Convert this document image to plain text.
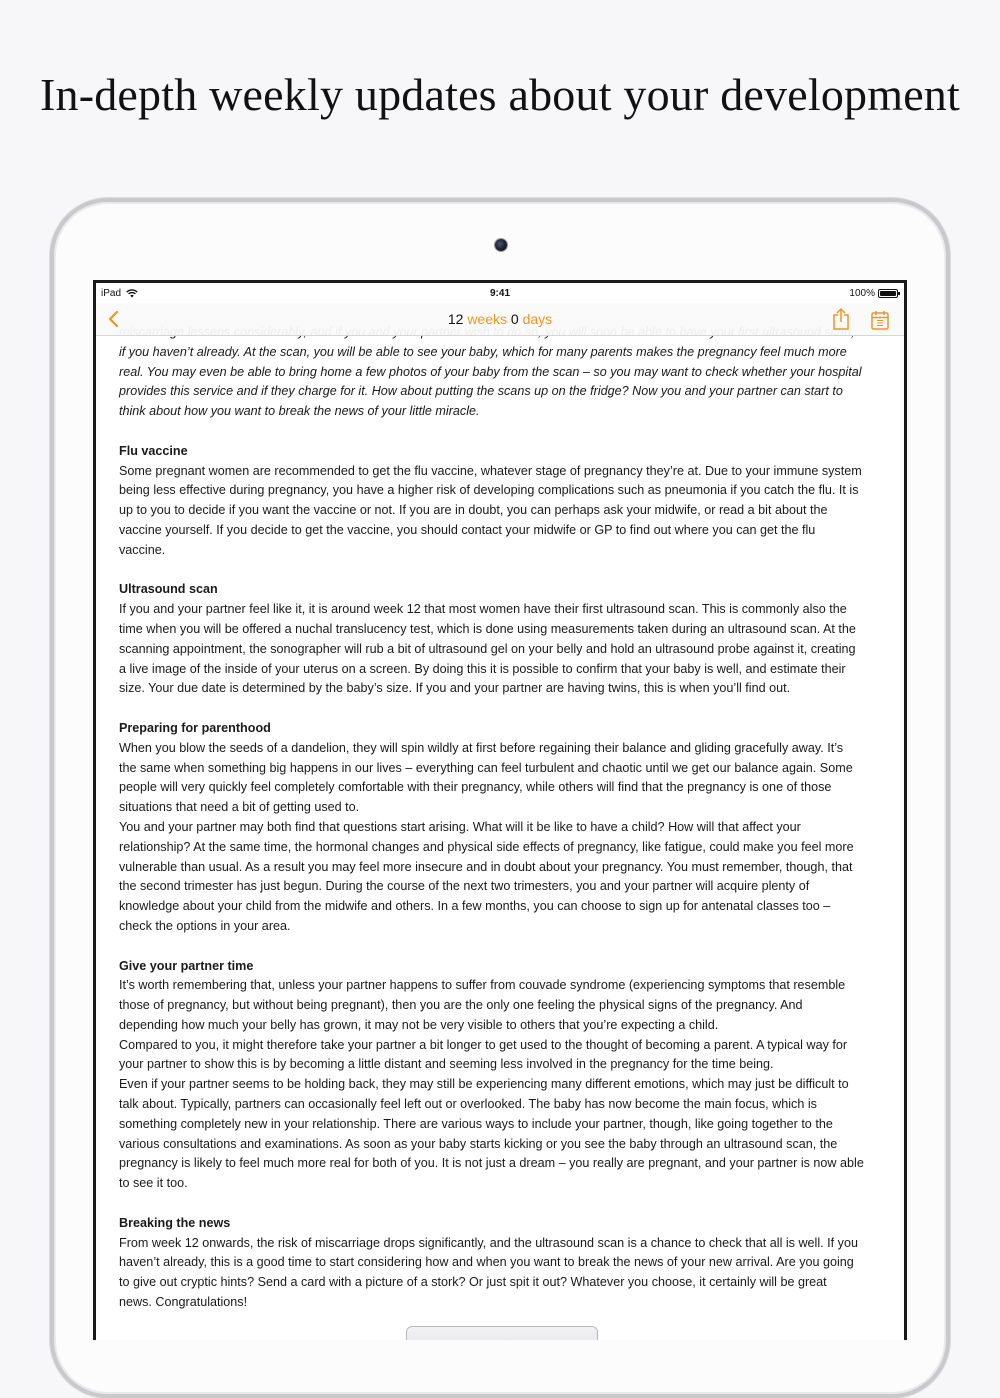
In-depth weekly updates about your development
iPad	9:41	100%
12 weeks 0 days

if you haven’t already. At the scan, you will be able to see your baby, which for many parents makes the pregnancy feel much more

real. You may even be able to bring home a few photos of your baby from the scan – so you may want to check whether your hospital

provides this service and if they charge for it. How about putting the scans up on the fridge? Now you and your partner can start to

think about how you want to break the news of your little miracle.

Flu vaccine

Some pregnant women are recommended to get the flu vaccine, whatever stage of pregnancy they’re at. Due to your immune system

being less effective during pregnancy, you have a higher risk of developing complications such as pneumonia if you catch the flu. It is

up to you to decide if you want the vaccine or not. If you are in doubt, you can perhaps ask your midwife, or read a bit about the

vaccine yourself. If you decide to get the vaccine, you should contact your midwife or GP to find out where you can get the flu

vaccine.

Ultrasound scan

If you and your partner feel like it, it is around week 12 that most women have their first ultrasound scan. This is commonly also the

time when you will be offered a nuchal translucency test, which is done using measurements taken during an ultrasound scan. At the

scanning appointment, the sonographer will rub a bit of ultrasound gel on your belly and hold an ultrasound probe against it, creating

a live image of the inside of your uterus on a screen. By doing this it is possible to confirm that your baby is well, and estimate their

size. Your due date is determined by the baby’s size. If you and your partner are having twins, this is when you’ll find out.

Preparing for parenthood

When you blow the seeds of a dandelion, they will spin wildly at first before regaining their balance and gliding gracefully away. It’s

the same when something big happens in our lives – everything can feel turbulent and chaotic until we get our balance again. Some

people will very quickly feel completely comfortable with their pregnancy, while others will find that the pregnancy is one of those

situations that need a bit of getting used to.

You and your partner may both find that questions start arising. What will it be like to have a child? How will that affect your

relationship? At the same time, the hormonal changes and physical side effects of pregnancy, like fatigue, could make you feel more

vulnerable than usual. As a result you may feel more insecure and in doubt about your pregnancy. You must remember, though, that

the second trimester has just begun. During the course of the next two trimesters, you and your partner will acquire plenty of

knowledge about your child from the midwife and others. In a few months, you can choose to sign up for antenatal classes too –

check the options in your area.

Give your partner time

It’s worth remembering that, unless your partner happens to suffer from couvade syndrome (experiencing symptoms that resemble

those of pregnancy, but without being pregnant), then you are the only one feeling the physical signs of the pregnancy. And

depending how much your belly has grown, it may not be very visible to others that you’re expecting a child.

Compared to you, it might therefore take your partner a bit longer to get used to the thought of becoming a parent. A typical way for

your partner to show this is by becoming a little distant and seeming less involved in the pregnancy for the time being.

Even if your partner seems to be holding back, they may still be experiencing many different emotions, which may just be difficult to

talk about. Typically, partners can occasionally feel left out or overlooked. The baby has now become the main focus, which is

something completely new in your relationship. There are various ways to include your partner, though, like going together to the

various consultations and examinations. As soon as your baby starts kicking or you see the baby through an ultrasound scan, the

pregnancy is likely to feel much more real for both of you. It is not just a dream – you really are pregnant, and your partner is now able

to see it too.

Breaking the news

From week 12 onwards, the risk of miscarriage drops significantly, and the ultrasound scan is a chance to check that all is well. If you

haven’t already, this is a good time to start considering how and when you want to break the news of your new arrival. Are you going

to give out cryptic hints? Send a card with a picture of a stork? Or just spit it out? Whatever you choose, it certainly will be great

news. Congratulations!
